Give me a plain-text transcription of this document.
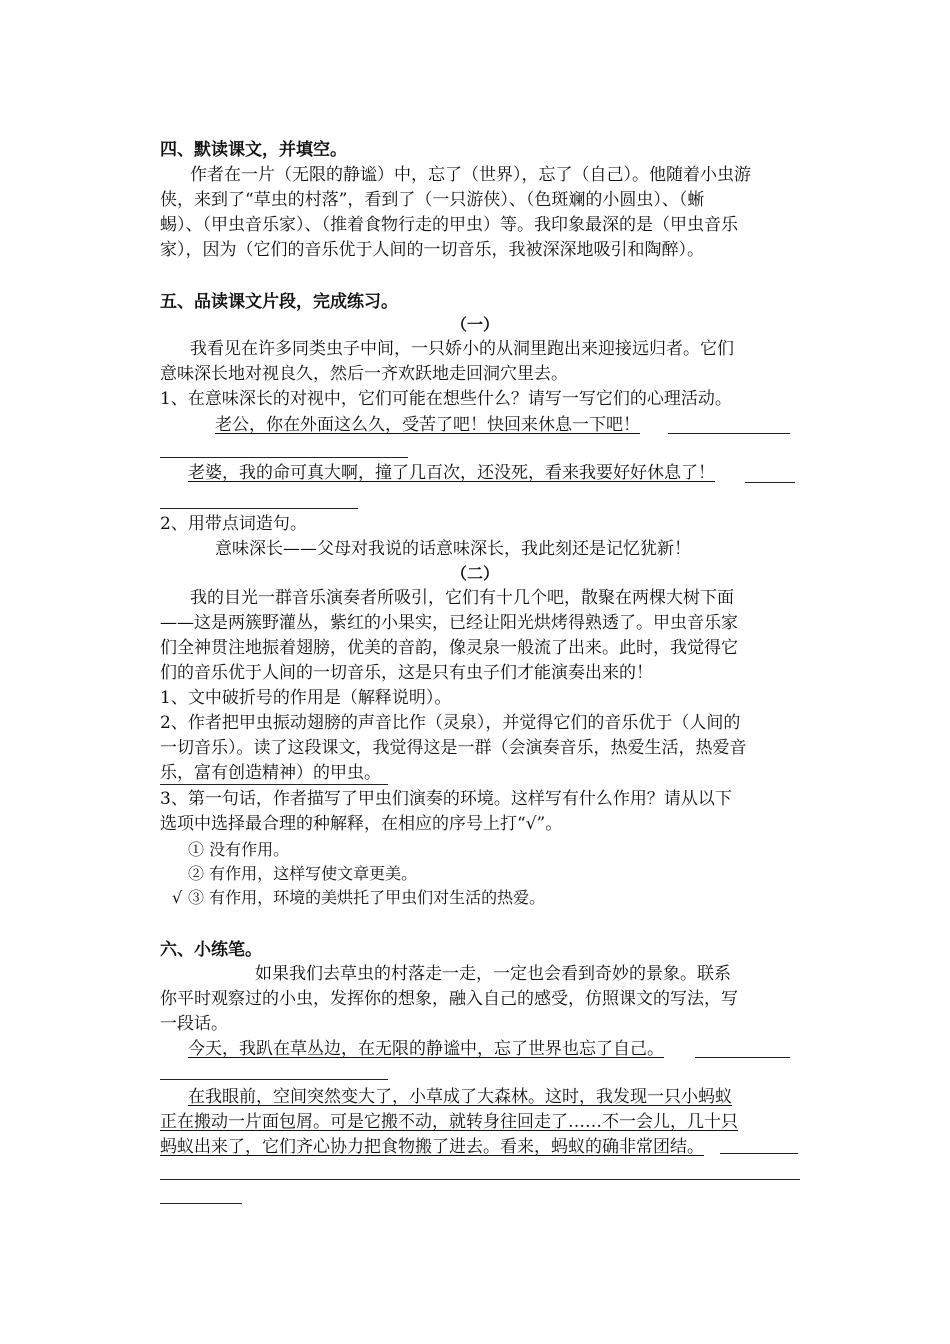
四、默读课文，并填空。
作者在一片（无限的静谧）中，忘了（世界），忘了（自己）。他随着小虫游
侠，来到了“草虫的村落”，看到了（一只游侠）、（色斑斓的小圆虫）、（蜥
蜴）、（甲虫音乐家）、（推着食物行走的甲虫）等。我印象最深的是（甲虫音乐
家），因为（它们的音乐优于人间的一切音乐，我被深深地吸引和陶醉）。
五、品读课文片段，完成练习。
（一）
我看见在许多同类虫子中间，一只娇小的从洞里跑出来迎接远归者。它们
意味深长地对视良久，然后一齐欢跃地走回洞穴里去。
1、在意味深长的对视中，它们可能在想些什么？请写一写它们的心理活动。
老公，你在外面这么久，受苦了吧！快回来休息一下吧！
老婆，我的命可真大啊，撞了几百次，还没死，看来我要好好休息了！
2、用带点词造句。
意味深长——父母对我说的话意味深长，我此刻还是记忆犹新！
（二）
我的目光一群音乐演奏者所吸引，它们有十几个吧，散聚在两棵大树下面
——这是两簇野灌丛，紫红的小果实，已经让阳光烘烤得熟透了。甲虫音乐家
们全神贯注地振着翅膀，优美的音韵，像灵泉一般流了出来。此时，我觉得它
们的音乐优于人间的一切音乐，这是只有虫子们才能演奏出来的！
1、文中破折号的作用是（解释说明）。
2、作者把甲虫振动翅膀的声音比作（灵泉），并觉得它们的音乐优于（人间的
一切音乐）。读了这段课文，我觉得这是一群（会演奏音乐，热爱生活，热爱音
乐，富有创造精神）的甲虫。
3、第一句话，作者描写了甲虫们演奏的环境。这样写有什么作用？请从以下
选项中选择最合理的种解释，在相应的序号上打“√”。
① 没有作用。
② 有作用，这样写使文章更美。
√ ③ 有作用，环境的美烘托了甲虫们对生活的热爱。
六、小练笔。
如果我们去草虫的村落走一走，一定也会看到奇妙的景象。联系
你平时观察过的小虫，发挥你的想象，融入自己的感受，仿照课文的写法，写
一段话。
今天，我趴在草丛边，在无限的静谧中，忘了世界也忘了自己。
在我眼前，空间突然变大了，小草成了大森林。这时，我发现一只小蚂蚁
正在搬动一片面包屑。可是它搬不动，就转身往回走了……不一会儿，几十只
蚂蚁出来了，它们齐心协力把食物搬了进去。看来，蚂蚁的确非常团结。
